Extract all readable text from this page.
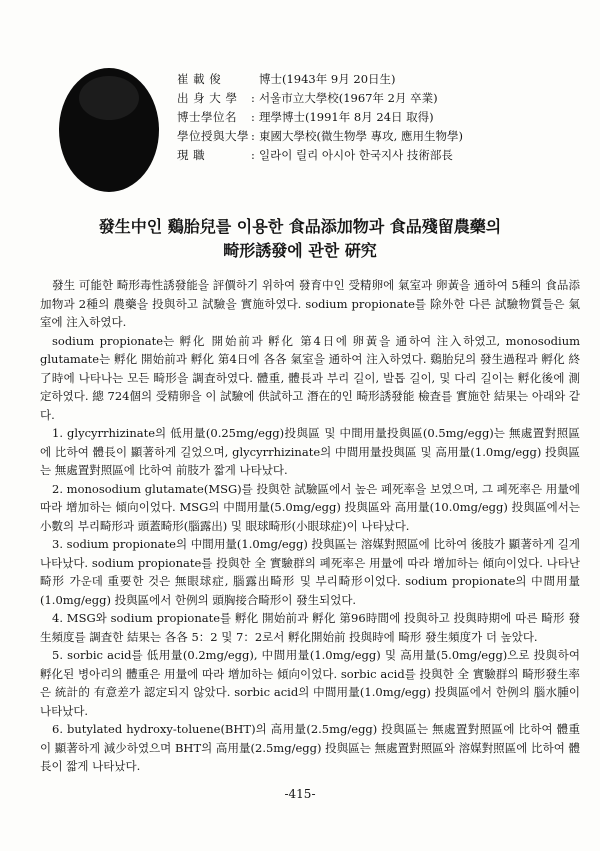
崔 載 俊	博士(1943年 9月 20日生)
出 身 大 學	: 서울市立大學校(1967年 2月 卒業)
博士學位名	: 理學博士(1991年 8月 24日 取得)
學位授與大學 : 東國大學校(微生物學 專攻, 應用生物學)
現 職	: 일라이 릴리 아시아 한국지사 技術部長
發生中인 鷄胎兒를 이용한 食品添加物과 食品殘留農藥의
畸形誘發에 관한 硏究

發生 可能한 畸形毒性誘發能을 評價하기 위하여 發育中인 受精卵에 氣室과 卵黃을 通하여 5種의 食品添加物과 2種의 農藥을 投與하고 試驗을 實施하였다. sodium propionate를 除外한 다른 試驗物質들은 氣室에 注入하였다.

sodium propionate는 孵化 開始前과 孵化 第4日에 卵黃을 通하여 注入하였고, monosodium glutamate는 孵化 開始前과 孵化 第4日에 各各 氣室을 通하여 注入하였다. 鷄胎兒의 發生過程과 孵化 終了時에 나타나는 모든 畸形을 調査하였다. 體重, 體長과 부리 길이, 발톱 길이, 및 다리 길이는 孵化後에 測定하였다. 總 724個의 受精卵을 이 試驗에 供試하고 潛在的인 畸形誘發能 檢査를 實施한 結果는 아래와 같다.

1. glycyrrhizinate의 低用量(0.25mg/egg)投與區 및 中間用量投與區(0.5mg/egg)는 無處置對照區에 比하여 體長이 顯著하게 길었으며, glycyrrhizinate의 中間用量投與區 및 高用量(1.0mg/egg) 投與區는 無處置對照區에 比하여 前肢가 짧게 나타났다.

2. monosodium glutamate(MSG)를 投與한 試驗區에서 높은 폐死率을 보였으며, 그 폐死率은 用量에 따라 增加하는 傾向이었다. MSG의 中間用量(5.0mg/egg) 投與區와 高用量(10.0mg/egg) 投與區에서는 小數의 부리畸形과 頭蓋畸形(腦露出) 및 眼球畸形(小眼球症)이 나타났다.

3. sodium propionate의 中間用量(1.0mg/egg) 投與區는 溶媒對照區에 比하여 後肢가 顯著하게 길게 나타났다. sodium propionate를 投與한 全 實驗群의 폐死率은 用量에 따라 增加하는 傾向이었다. 나타난 畸形 가운데 重要한 것은 無眼球症, 腦露出畸形 및 부리畸形이었다. sodium propionate의 中間用量(1.0mg/egg) 投與區에서 한例의 頭胸接合畸形이 發生되었다.

4. MSG와 sodium propionate를 孵化 開始前과 孵化 第96時間에 投與하고 投與時期에 따른 畸形 發生頻度를 調査한 結果는 各各 5：2 및 7：2로서 孵化開始前 投與時에 畸形 發生頻度가 더 높았다.

5. sorbic acid를 低用量(0.2mg/egg), 中間用量(1.0mg/egg) 및 高用量(5.0mg/egg)으로 投與하여 孵化된 병아리의 體重은 用量에 따라 增加하는 傾向이었다. sorbic acid를 投與한 全 實驗群의 畸形發生率은 統計的 有意差가 認定되지 않았다. sorbic acid의 中間用量(1.0mg/egg) 投與區에서 한例의 腦水腫이 나타났다.

6. butylated hydroxy-toluene(BHT)의 高用量(2.5mg/egg) 投與區는 無處置對照區에 比하여 體重이 顯著하게 減少하였으며 BHT의 高用量(2.5mg/egg) 投與區는 無處置對照區와 溶媒對照區에 比하여 體長이 짧게 나타났다.

-415-
